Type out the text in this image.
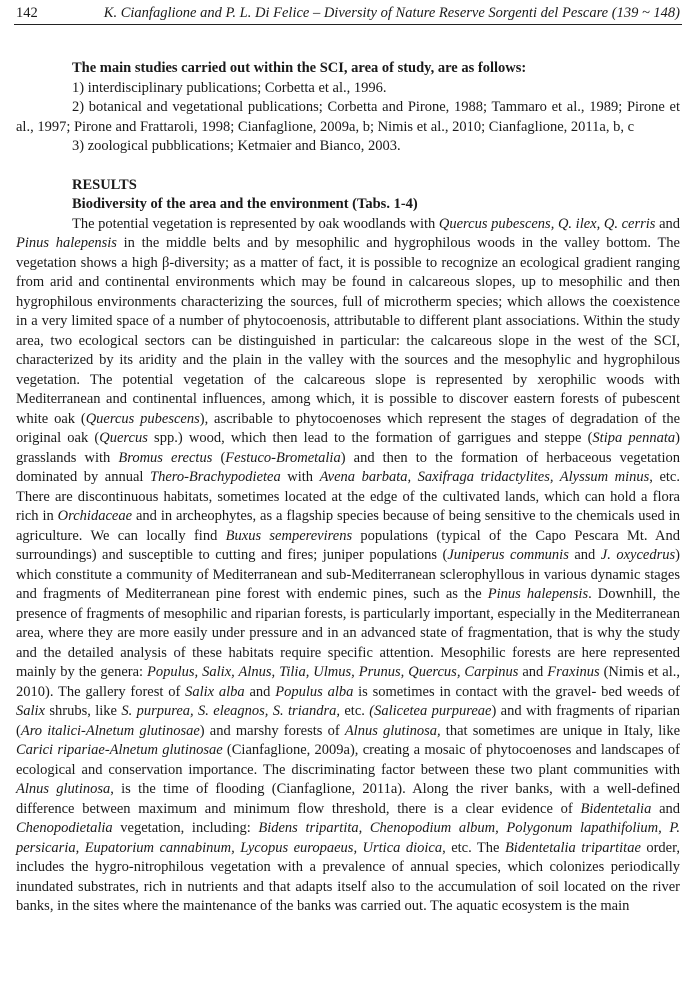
142	K. Cianfaglione and P. L. Di Felice – Diversity of Nature Reserve Sorgenti del Pescare (139 ~ 148)

The main studies carried out within the SCI, area of study, are as follows:

1) interdisciplinary publications; Corbetta et al., 1996.

2) botanical and vegetational publications; Corbetta and Pirone, 1988; Tammaro et al., 1989; Pirone et al., 1997; Pirone and Frattaroli, 1998; Cianfaglione, 2009a, b; Nimis et al., 2010; Cianfaglione, 2011a, b, c

3) zoological pubblications; Ketmaier and Bianco, 2003.

RESULTS

Biodiversity of the area and the environment (Tabs. 1-4)

The potential vegetation is represented by oak woodlands with Quercus pubescens, Q. ilex, Q. cerris and Pinus halepensis in the middle belts and by mesophilic and hygrophilous woods in the valley bottom. The vegetation shows a high β-diversity; as a matter of fact, it is possible to recognize an ecological gradient ranging from arid and continental environments which may be found in calcareous slopes, up to mesophilic and then hygrophilous environments characterizing the sources, full of microtherm species; which allows the coexistence in a very limited space of a number of phytocoenosis, attributable to different plant associations. Within the study area, two ecological sectors can be distinguished in particular: the calcareous slope in the west of the SCI, characterized by its aridity and the plain in the valley with the sources and the mesophylic and hygrophilous vegetation. The potential vegetation of the calcareous slope is represented by xerophilic woods with Mediterranean and continental influences, among which, it is possible to discover eastern forests of pubescent white oak (Quercus pubescens), ascribable to phytocoenoses which represent the stages of degradation of the original oak (Quercus spp.) wood, which then lead to the formation of garrigues and steppe (Stipa pennata) grasslands with Bromus erectus (Festuco-Brometalia) and then to the formation of herbaceous vegetation dominated by annual Thero-Brachypodietea with Avena barbata, Saxifraga tridactylites, Alyssum minus, etc. There are discontinuous habitats, sometimes located at the edge of the cultivated lands, which can hold a flora rich in Orchidaceae and in archeophytes, as a flagship species because of being sensitive to the chemicals used in agriculture. We can locally find Buxus semperevirens populations (typical of the Capo Pescara Mt. And surroundings) and susceptible to cutting and fires; juniper populations (Juniperus communis and J. oxycedrus) which constitute a community of Mediterranean and sub-Mediterranean sclerophyllous in various dynamic stages and fragments of Mediterranean pine forest with endemic pines, such as the Pinus halepensis. Downhill, the presence of fragments of mesophilic and riparian forests, is particularly important, especially in the Mediterranean area, where they are more easily under pressure and in an advanced state of fragmentation, that is why the study and the detailed analysis of these habitats require specific attention. Mesophilic forests are here represented mainly by the genera: Populus, Salix, Alnus, Tilia, Ulmus, Prunus, Quercus, Carpinus and Fraxinus (Nimis et al., 2010). The gallery forest of Salix alba and Populus alba is sometimes in contact with the gravel- bed weeds of Salix shrubs, like S. purpurea, S. eleagnos, S. triandra, etc. (Salicetea purpureae) and with fragments of riparian (Aro italici-Alnetum glutinosae) and marshy forests of Alnus glutinosa, that sometimes are unique in Italy, like Carici ripariae-Alnetum glutinosae (Cianfaglione, 2009a), creating a mosaic of phytocoenoses and landscapes of ecological and conservation importance. The discriminating factor between these two plant communities with Alnus glutinosa, is the time of flooding (Cianfaglione, 2011a). Along the river banks, with a well-defined difference between maximum and minimum flow threshold, there is a clear evidence of Bidentetalia and Chenopodietalia vegetation, including: Bidens tripartita, Chenopodium album, Polygonum lapathifolium, P. persicaria, Eupatorium cannabinum, Lycopus europaeus, Urtica dioica, etc. The Bidentetalia tripartitae order, includes the hygro-nitrophilous vegetation with a prevalence of annual species, which colonizes periodically inundated substrates, rich in nutrients and that adapts itself also to the accumulation of soil located on the river banks, in the sites where the maintenance of the banks was carried out. The aquatic ecosystem is the main
